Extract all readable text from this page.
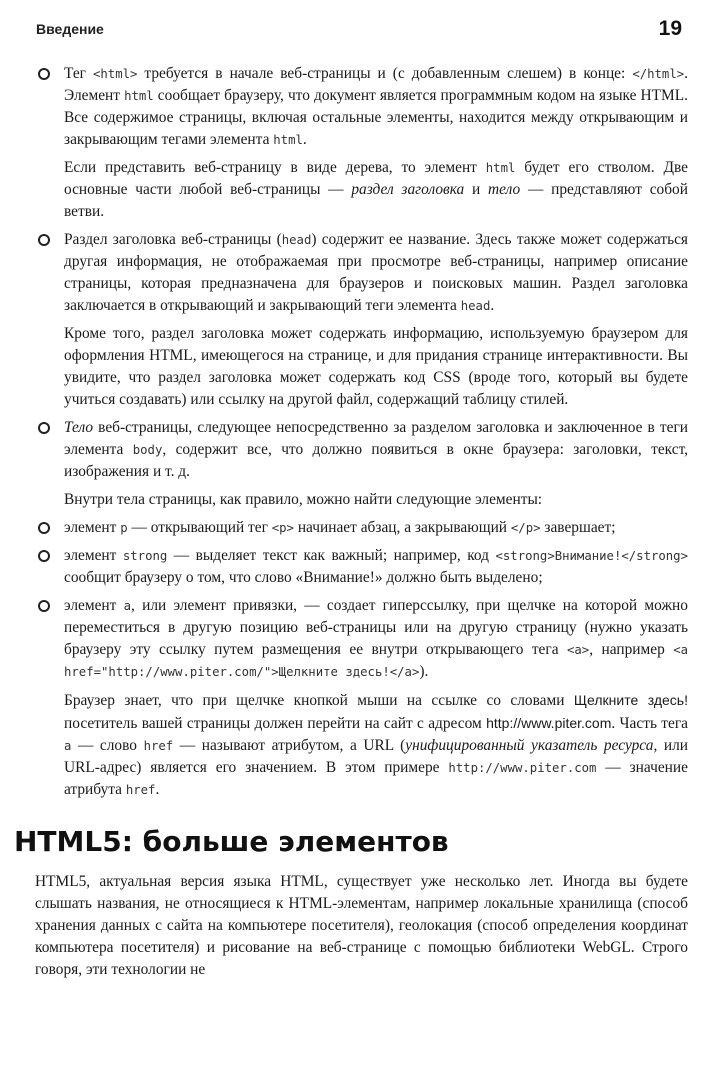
Введение	19

Тег <html> требуется в начале веб-страницы и (с добавленным слешем) в конце: </html>. Элемент html сообщает браузеру, что документ является программным кодом на языке HTML. Все содержимое страницы, включая остальные элементы, находится между открывающим и закрывающим тегами элемента html.

Если представить веб-страницу в виде дерева, то элемент html будет его стволом. Две основные части любой веб-страницы — раздел заголовка и тело — представляют собой ветви.

Раздел заголовка веб-страницы (head) содержит ее название. Здесь также может содержаться другая информация, не отображаемая при просмотре веб-страницы, например описание страницы, которая предназначена для браузеров и поисковых машин. Раздел заголовка заключается в открывающий и закрывающий теги элемента head.

Кроме того, раздел заголовка может содержать информацию, используемую браузером для оформления HTML, имеющегося на странице, и для придания странице интерактивности. Вы увидите, что раздел заголовка может содержать код CSS (вроде того, который вы будете учиться создавать) или ссылку на другой файл, содержащий таблицу стилей.

Тело веб-страницы, следующее непосредственно за разделом заголовка и заключенное в теги элемента body, содержит все, что должно появиться в окне браузера: заголовки, текст, изображения и т. д.

Внутри тела страницы, как правило, можно найти следующие элементы:

элемент p — открывающий тег <p> начинает абзац, а закрывающий </p> завершает;

элемент strong — выделяет текст как важный; например, код <strong>Внимание!</strong> сообщит браузеру о том, что слово «Внимание!» должно быть выделено;

элемент a, или элемент привязки, — создает гиперссылку, при щелчке на которой можно переместиться в другую позицию веб-страницы или на другую страницу (нужно указать браузеру эту ссылку путем размещения ее внутри открывающего тега <a>, например <a href="http://www.piter.com/">Щелкните здесь!</a>).

Браузер знает, что при щелчке кнопкой мыши на ссылке со словами Щелкните здесь! посетитель вашей страницы должен перейти на сайт с адресом http://www.piter.com. Часть тега a — слово href — называют атрибутом, а URL (унифицированный указатель ресурса, или URL-адрес) является его значением. В этом примере http://www.piter.com — значение атрибута href.

HTML5: больше элементов

HTML5, актуальная версия языка HTML, существует уже несколько лет. Иногда вы будете слышать названия, не относящиеся к HTML-элементам, например локальные хранилища (способ хранения данных с сайта на компьютере посетителя), геолокация (способ определения координат компьютера посетителя) и рисование на веб-странице с помощью библиотеки WebGL. Строго говоря, эти технологии не
